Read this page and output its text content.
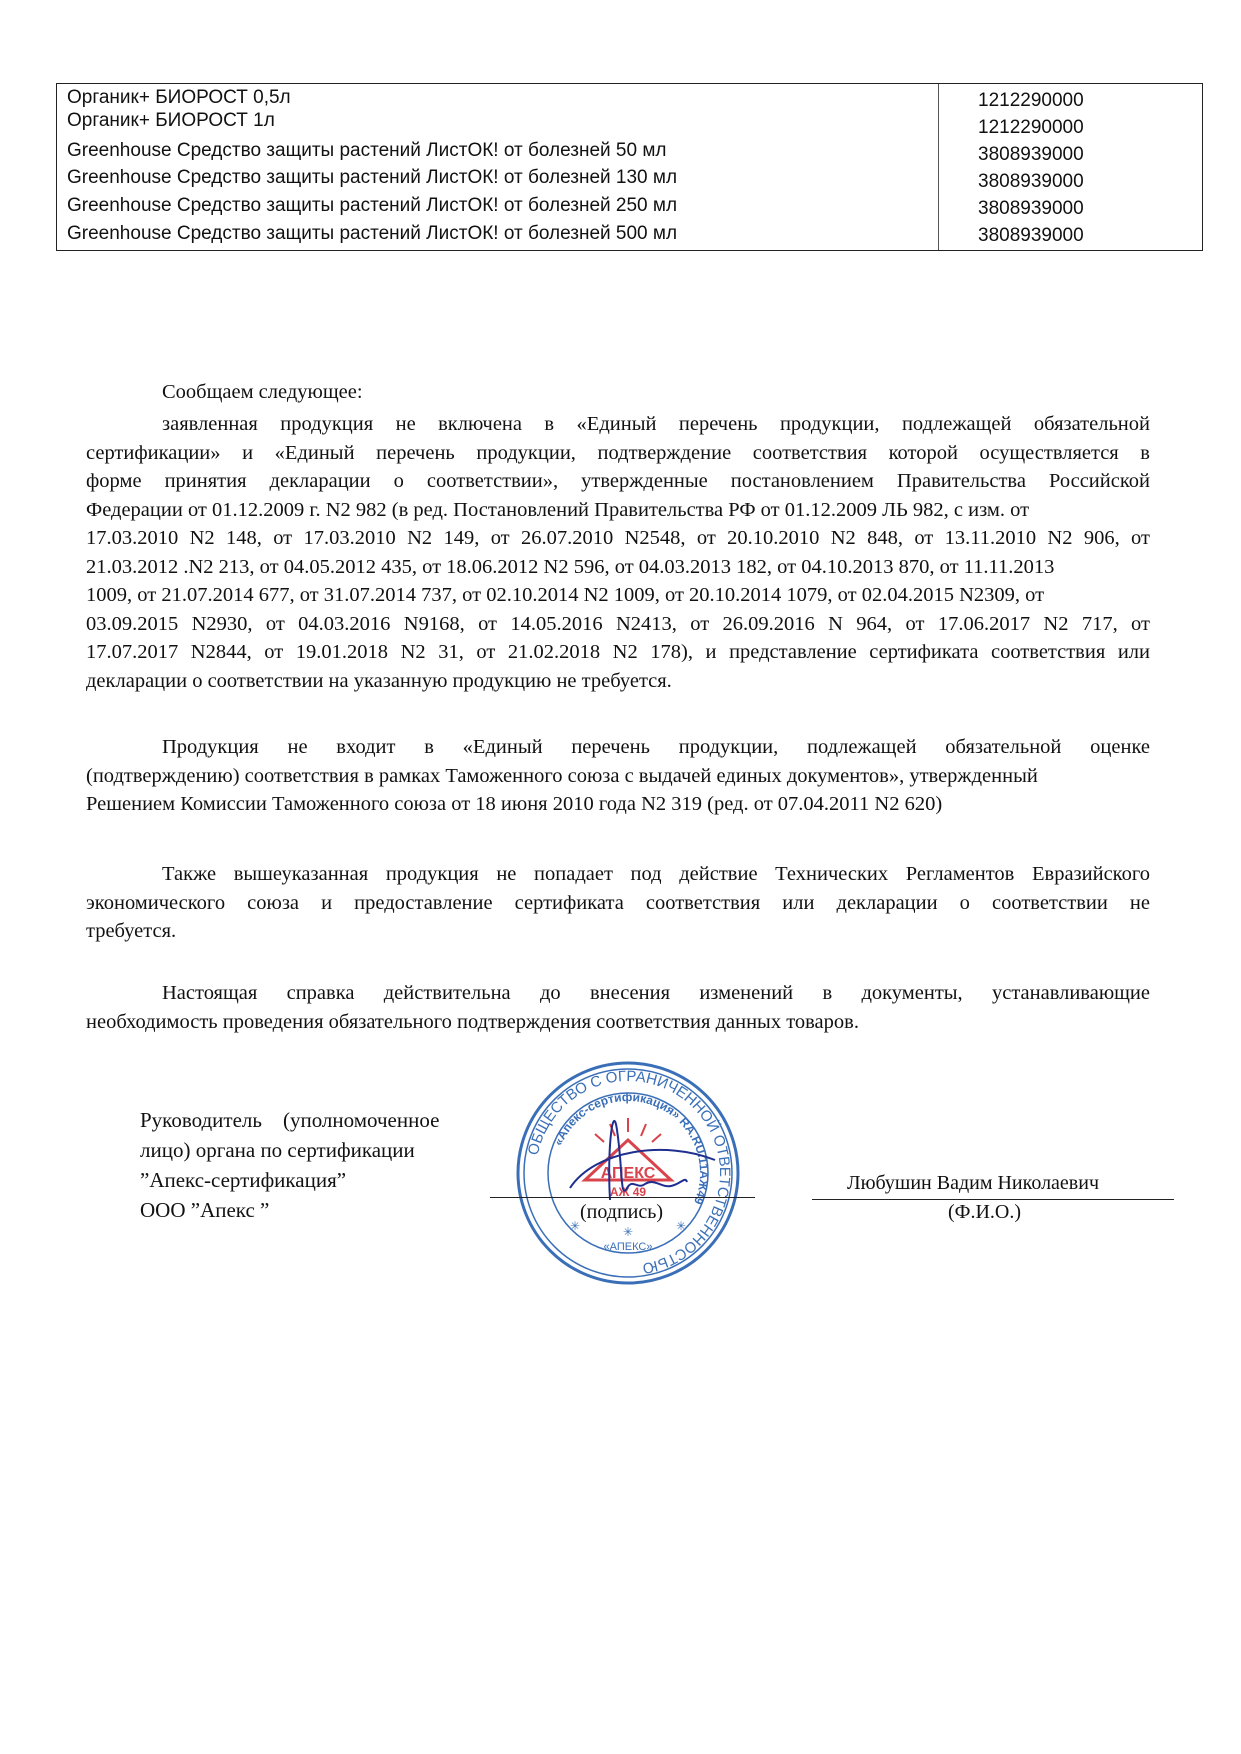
Органик+ БИОРОСТ 0,5л
Органик+ БИОРОСТ 1л
Greenhouse Средство защиты растений ЛистОК! от болезней 50 мл
Greenhouse Средство защиты растений ЛистОК! от болезней 130 мл
Greenhouse Средство защиты растений ЛистОК! от болезней 250 мл
Greenhouse Средство защиты растений ЛистОК! от болезней 500 мл
1212290000
1212290000
3808939000
3808939000
3808939000
3808939000
Сообщаем следующее:
заявленная продукция не включена в «Единый перечень продукции, подлежащей обязательной
сертификации» и «Единый перечень продукции, подтверждение соответствия которой осуществляется в
форме принятия декларации о соответствии», утвержденные постановлением Правительства Российской
Федерации от 01.12.2009 г. N2 982 (в ред. Постановлений Правительства РФ от 01.12.2009 ЛЬ 982, с изм. от
17.03.2010 N2 148, от 17.03.2010 N2 149, от 26.07.2010 N2548, от 20.10.2010 N2 848, от 13.11.2010 N2 906, от
21.03.2012 .N2 213, от 04.05.2012 435, от 18.06.2012 N2 596, от 04.03.2013 182, от 04.10.2013 870, от 11.11.2013
1009, от 21.07.2014 677, от 31.07.2014 737, от 02.10.2014 N2 1009, от 20.10.2014 1079, от 02.04.2015 N2309, от
03.09.2015 N2930, от 04.03.2016 N9168, от 14.05.2016 N2413, от 26.09.2016 N 964, от 17.06.2017 N2 717, от
17.07.2017 N2844, от 19.01.2018 N2 31, от 21.02.2018 N2 178), и представление сертификата соответствия или
декларации о соответствии на указанную продукцию не требуется.
Продукция не входит в «Единый перечень продукции, подлежащей обязательной оценке
(подтверждению) соответствия в рамках Таможенного союза с выдачей единых документов», утвержденный
Решением Комиссии Таможенного союза от 18 июня 2010 года N2 319 (ред. от 07.04.2011 N2 620)
Также вышеуказанная продукция не попадает под действие Технических Регламентов Евразийского
экономического союза и предоставление сертификата соответствия или декларации о соответствии не
требуется.
Настоящая справка действительна до внесения изменений в документы, устанавливающие
необходимость проведения обязательного подтверждения соответствия данных товаров.
Руководитель    (уполномоченное
лицо) органа по сертификации
”Апекс-сертификация”
ООО ”Апекс ”
ОБЩЕСТВО С ОГРАНИЧЕННОЙ ОТВЕТСТВЕННОСТЬЮ
«Апекс-сертификация» RA.RU.11АЖ49
АПЕКС
АЖ 49
«АПЕКС»
✳	✳	✳
(подпись)
Любушин Вадим Николаевич
(Ф.И.О.)
